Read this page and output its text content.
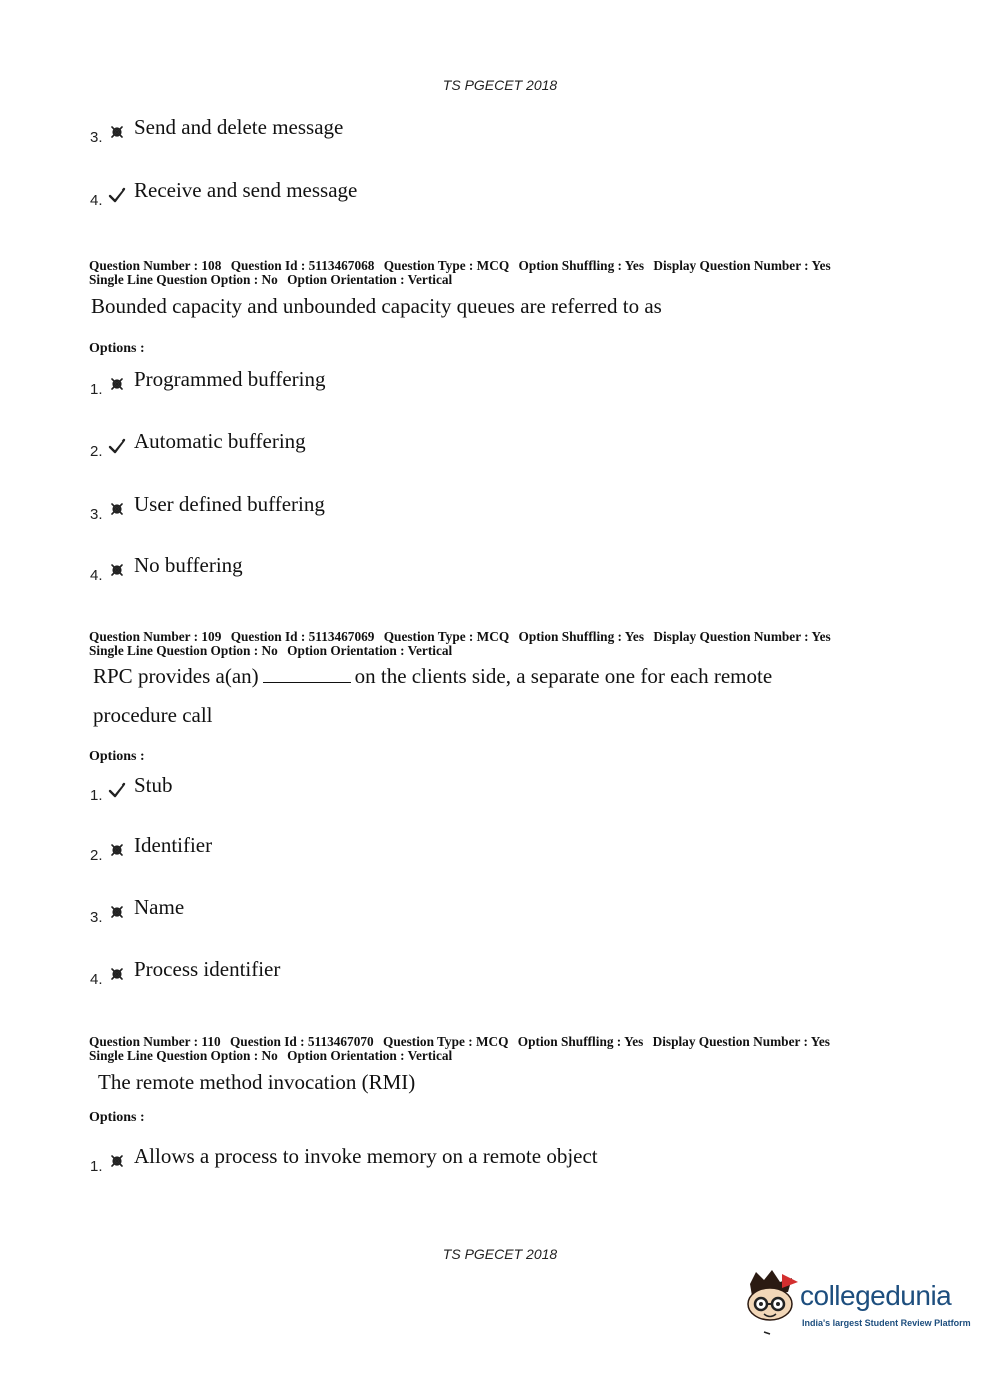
TS PGECET 2018
3. Send and delete message
4. Receive and send message
Question Number : 108 Question Id : 5113467068 Question Type : MCQ Option Shuffling : Yes Display Question Number : Yes
Single Line Question Option : No Option Orientation : Vertical
Bounded capacity and unbounded capacity queues are referred to as
Options :
1. Programmed buffering
2. Automatic buffering
3. User defined buffering
4. No buffering
Question Number : 109 Question Id : 5113467069 Question Type : MCQ Option Shuffling : Yes Display Question Number : Yes
Single Line Question Option : No Option Orientation : Vertical
RPC provides a(an)	on the clients side, a separate one for each remote
procedure call
Options :
1. Stub
2. Identifier
3. Name
4. Process identifier
Question Number : 110 Question Id : 5113467070 Question Type : MCQ Option Shuffling : Yes Display Question Number : Yes
Single Line Question Option : No Option Orientation : Vertical
The remote method invocation (RMI)
Options :
1. Allows a process to invoke memory on a remote object
TS PGECET 2018
collegedunia
India's largest Student Review Platform
